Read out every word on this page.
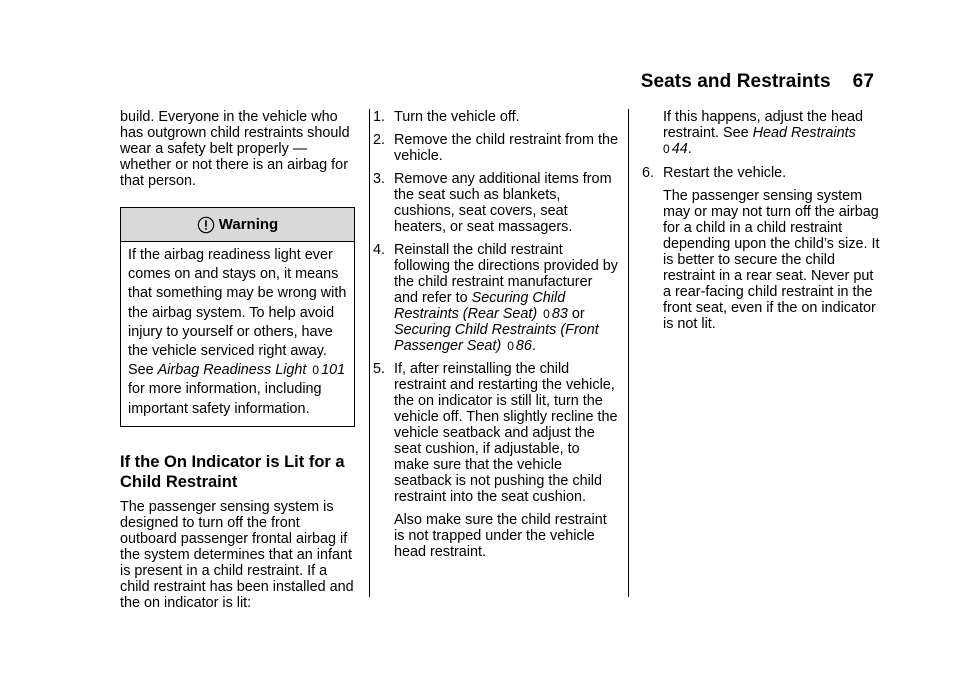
Seats and Restraints 67

build. Everyone in the vehicle who has outgrown child restraints should wear a safety belt properly — whether or not there is an airbag for that person.

Warning
If the airbag readiness light ever comes on and stays on, it means that something may be wrong with the airbag system. To help avoid injury to yourself or others, have the vehicle serviced right away. See Airbag Readiness Light 0 101 for more information, including important safety information.
If the On Indicator is Lit for a Child Restraint

The passenger sensing system is designed to turn off the front outboard passenger frontal airbag if the system determines that an infant is present in a child restraint. If a child restraint has been installed and the on indicator is lit:

1. Turn the vehicle off.
2. Remove the child restraint from the vehicle.
3. Remove any additional items from the seat such as blankets, cushions, seat covers, seat heaters, or seat massagers.
4. Reinstall the child restraint following the directions provided by the child restraint manufacturer and refer to Securing Child Restraints (Rear Seat) 0 83 or Securing Child Restraints (Front Passenger Seat) 0 86.
5. If, after reinstalling the child restraint and restarting the vehicle, the on indicator is still lit, turn the vehicle off. Then slightly recline the vehicle seatback and adjust the seat cushion, if adjustable, to make sure that the vehicle seatback is not pushing the child restraint into the seat cushion.

Also make sure the child restraint is not trapped under the vehicle head restraint.

If this happens, adjust the head restraint. See Head Restraints
0 44.

6. Restart the vehicle.

The passenger sensing system may or may not turn off the airbag for a child in a child restraint depending upon the child’s size. It is better to secure the child restraint in a rear seat. Never put a rear-facing child restraint in the front seat, even if the on indicator is not lit.
